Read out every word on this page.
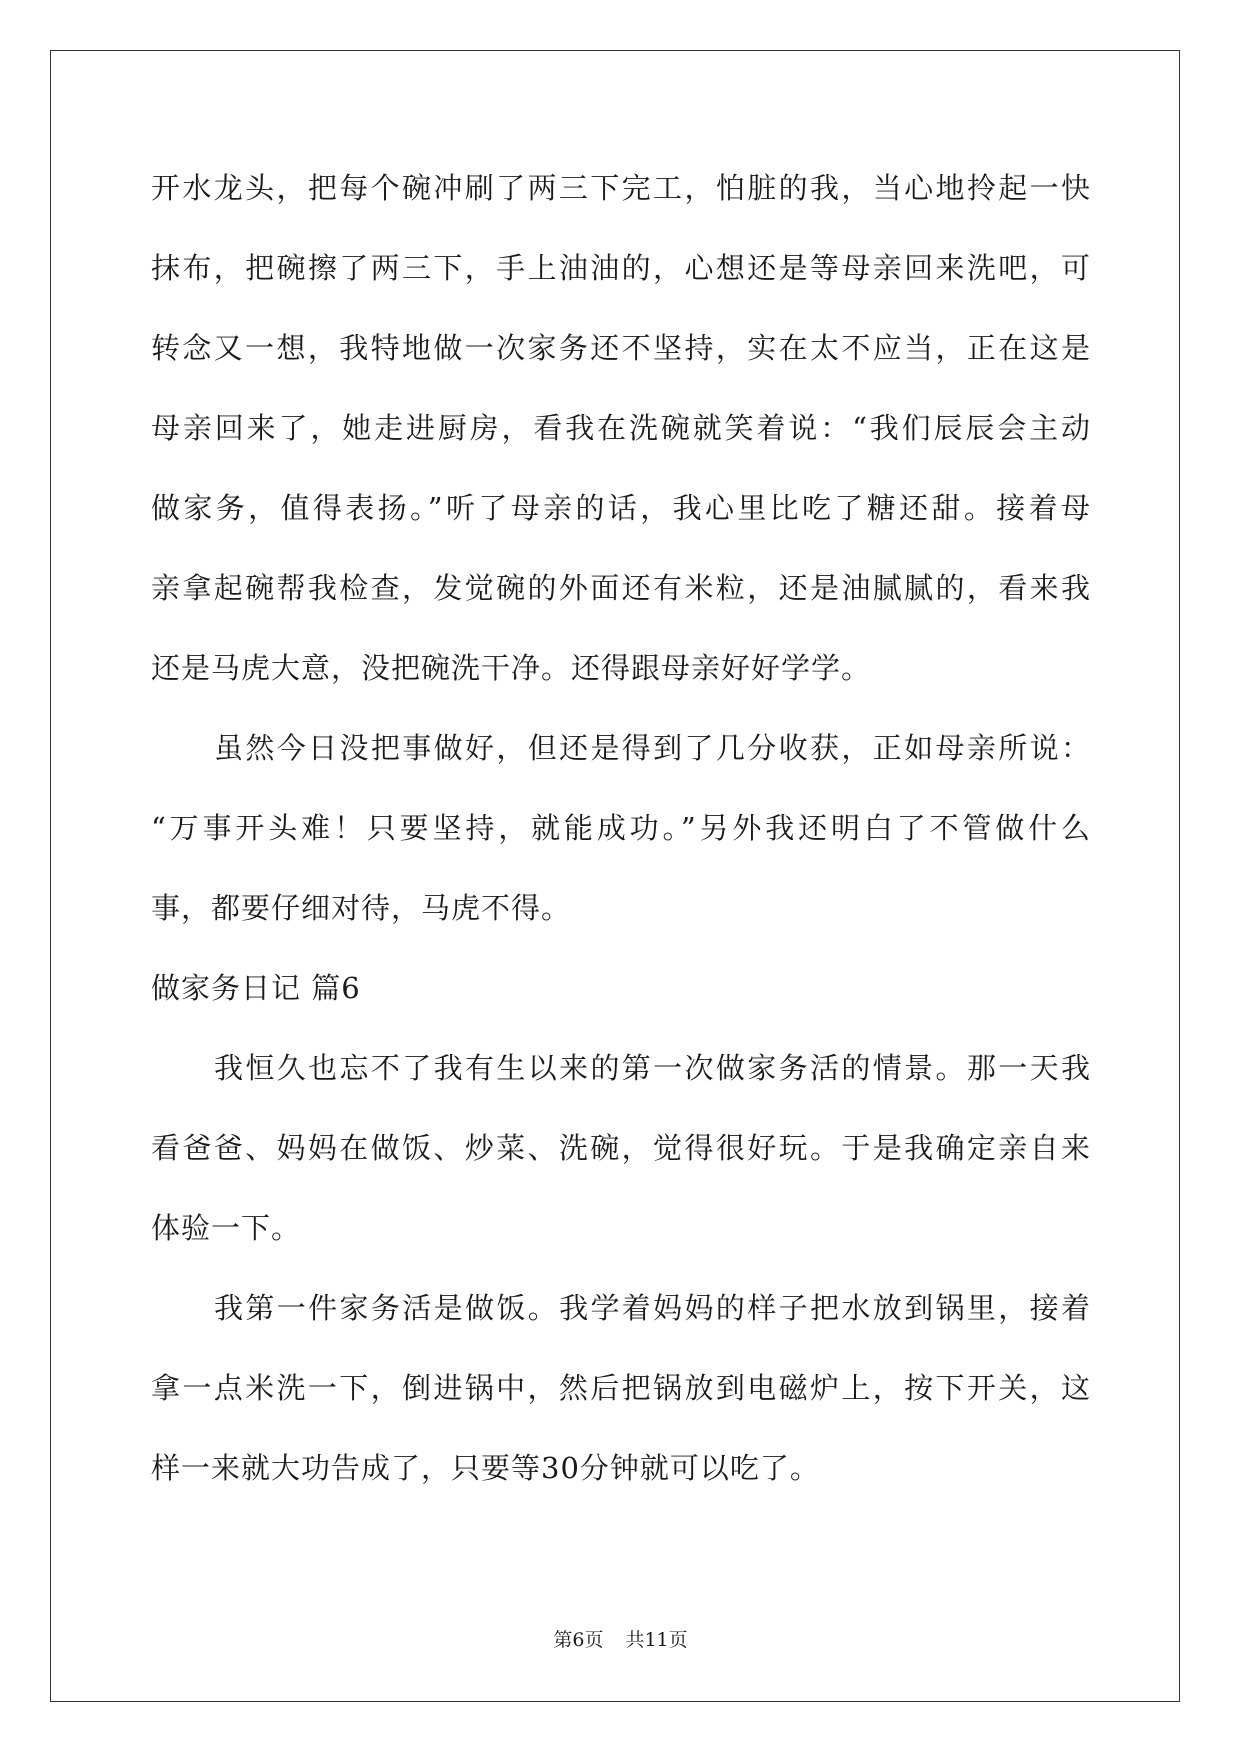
开水龙头，把每个碗冲刷了两三下完工，怕脏的我，当心地拎起一快
抹布，把碗擦了两三下，手上油油的，心想还是等母亲回来洗吧，可
转念又一想，我特地做一次家务还不坚持，实在太不应当，正在这是
母亲回来了，她走进厨房，看我在洗碗就笑着说：“我们辰辰会主动
做家务，值得表扬。”听了母亲的话，我心里比吃了糖还甜。接着母
亲拿起碗帮我检查，发觉碗的外面还有米粒，还是油腻腻的，看来我
还是马虎大意，没把碗洗干净。还得跟母亲好好学学。
虽然今日没把事做好，但还是得到了几分收获，正如母亲所说：
“万事开头难！只要坚持，就能成功。”另外我还明白了不管做什么
事，都要仔细对待，马虎不得。
做家务日记 篇6
我恒久也忘不了我有生以来的第一次做家务活的情景。那一天我
看爸爸、妈妈在做饭、炒菜、洗碗，觉得很好玩。于是我确定亲自来
体验一下。
我第一件家务活是做饭。我学着妈妈的样子把水放到锅里，接着
拿一点米洗一下，倒进锅中，然后把锅放到电磁炉上，按下开关，这
样一来就大功告成了，只要等30分钟就可以吃了。
第6页 共11页
